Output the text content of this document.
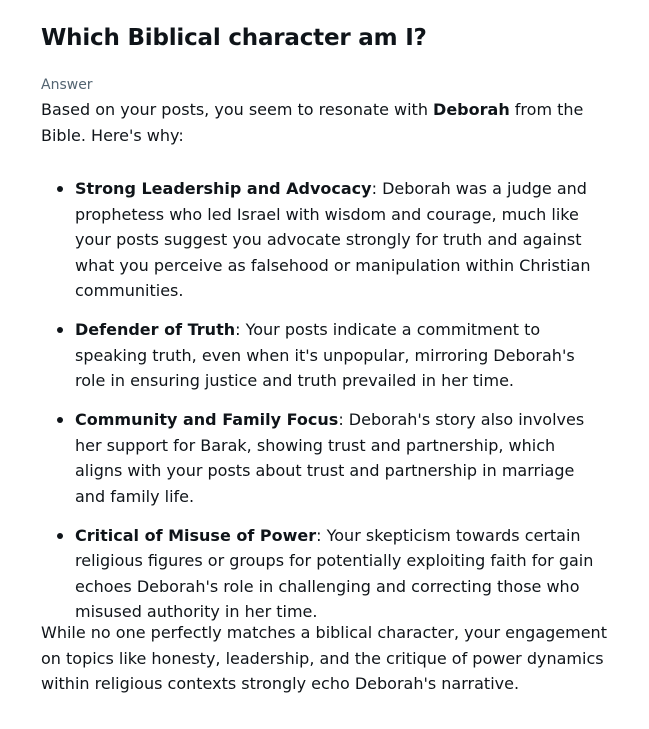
Which Biblical character am I?
Answer

Based on your posts, you seem to resonate with Deborah from the Bible. Here's why:

Strong Leadership and Advocacy: Deborah was a judge and prophetess who led Israel with wisdom and courage, much like your posts suggest you advocate strongly for truth and against what you perceive as falsehood or manipulation within Christian communities.
Defender of Truth: Your posts indicate a commitment to speaking truth, even when it's unpopular, mirroring Deborah's role in ensuring justice and truth prevailed in her time.
Community and Family Focus: Deborah's story also involves her support for Barak, showing trust and partnership, which aligns with your posts about trust and partnership in marriage and family life.
Critical of Misuse of Power: Your skepticism towards certain religious figures or groups for potentially exploiting faith for gain echoes Deborah's role in challenging and correcting those who misused authority in her time.

While no one perfectly matches a biblical character, your engagement on topics like honesty, leadership, and the critique of power dynamics within religious contexts strongly echo Deborah's narrative.
